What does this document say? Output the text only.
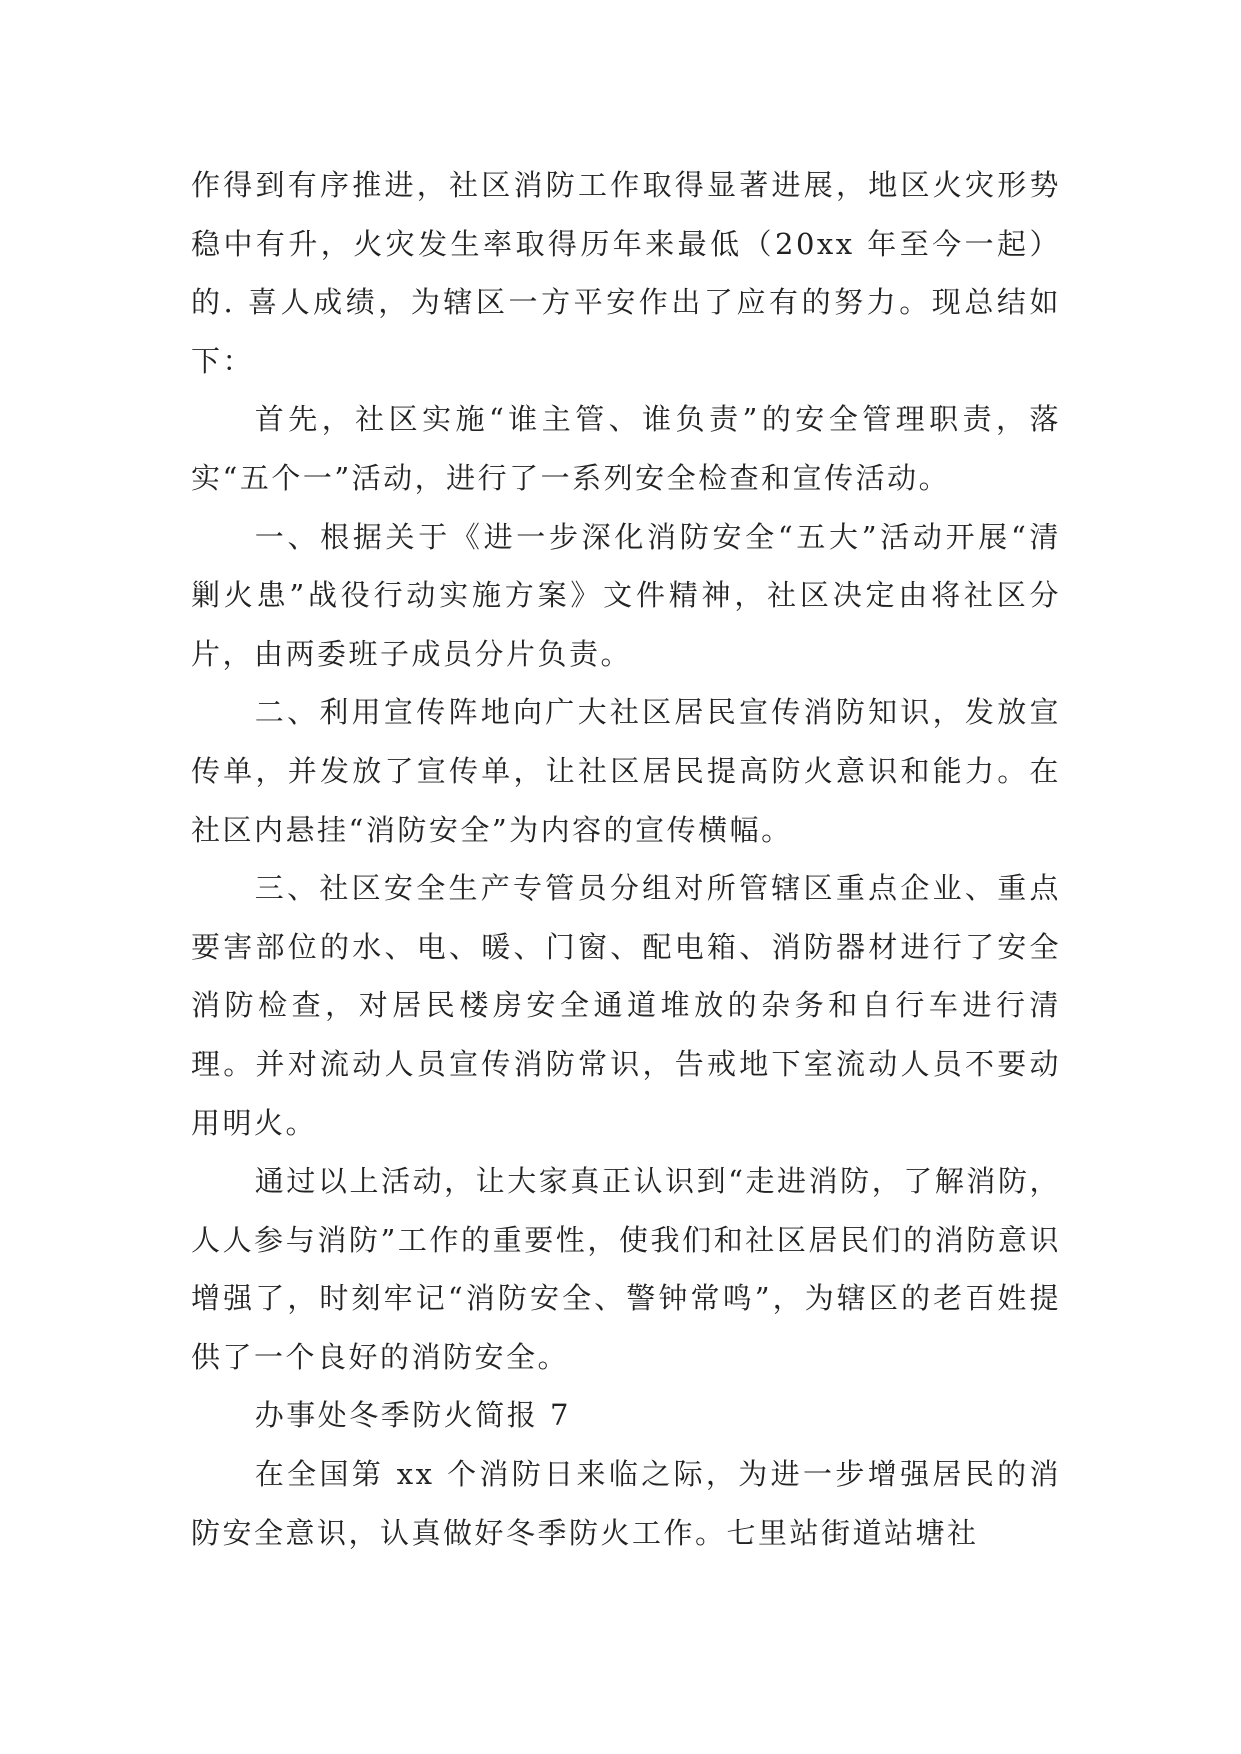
作得到有序推进，社区消防工作取得显著进展，地区火灾形势稳中有升，火灾发生率取得历年来最低（20xx 年至今一起）的. 喜人成绩，为辖区一方平安作出了应有的努力。现总结如下：

首先，社区实施“谁主管、谁负责”的安全管理职责，落实“五个一”活动，进行了一系列安全检查和宣传活动。

一、根据关于《进一步深化消防安全“五大”活动开展“清剿火患”战役行动实施方案》文件精神，社区决定由将社区分片，由两委班子成员分片负责。

二、利用宣传阵地向广大社区居民宣传消防知识，发放宣传单，并发放了宣传单，让社区居民提高防火意识和能力。在社区内悬挂“消防安全”为内容的宣传横幅。

三、社区安全生产专管员分组对所管辖区重点企业、重点要害部位的水、电、暖、门窗、配电箱、消防器材进行了安全消防检查，对居民楼房安全通道堆放的杂务和自行车进行清理。并对流动人员宣传消防常识，告戒地下室流动人员不要动用明火。

通过以上活动，让大家真正认识到“走进消防，了解消防，人人参与消防”工作的重要性，使我们和社区居民们的消防意识增强了，时刻牢记“消防安全、警钟常鸣”，为辖区的老百姓提供了一个良好的消防安全。

办事处冬季防火简报 7

在全国第 xx 个消防日来临之际，为进一步增强居民的消防安全意识，认真做好冬季防火工作。七里站街道站塘社
